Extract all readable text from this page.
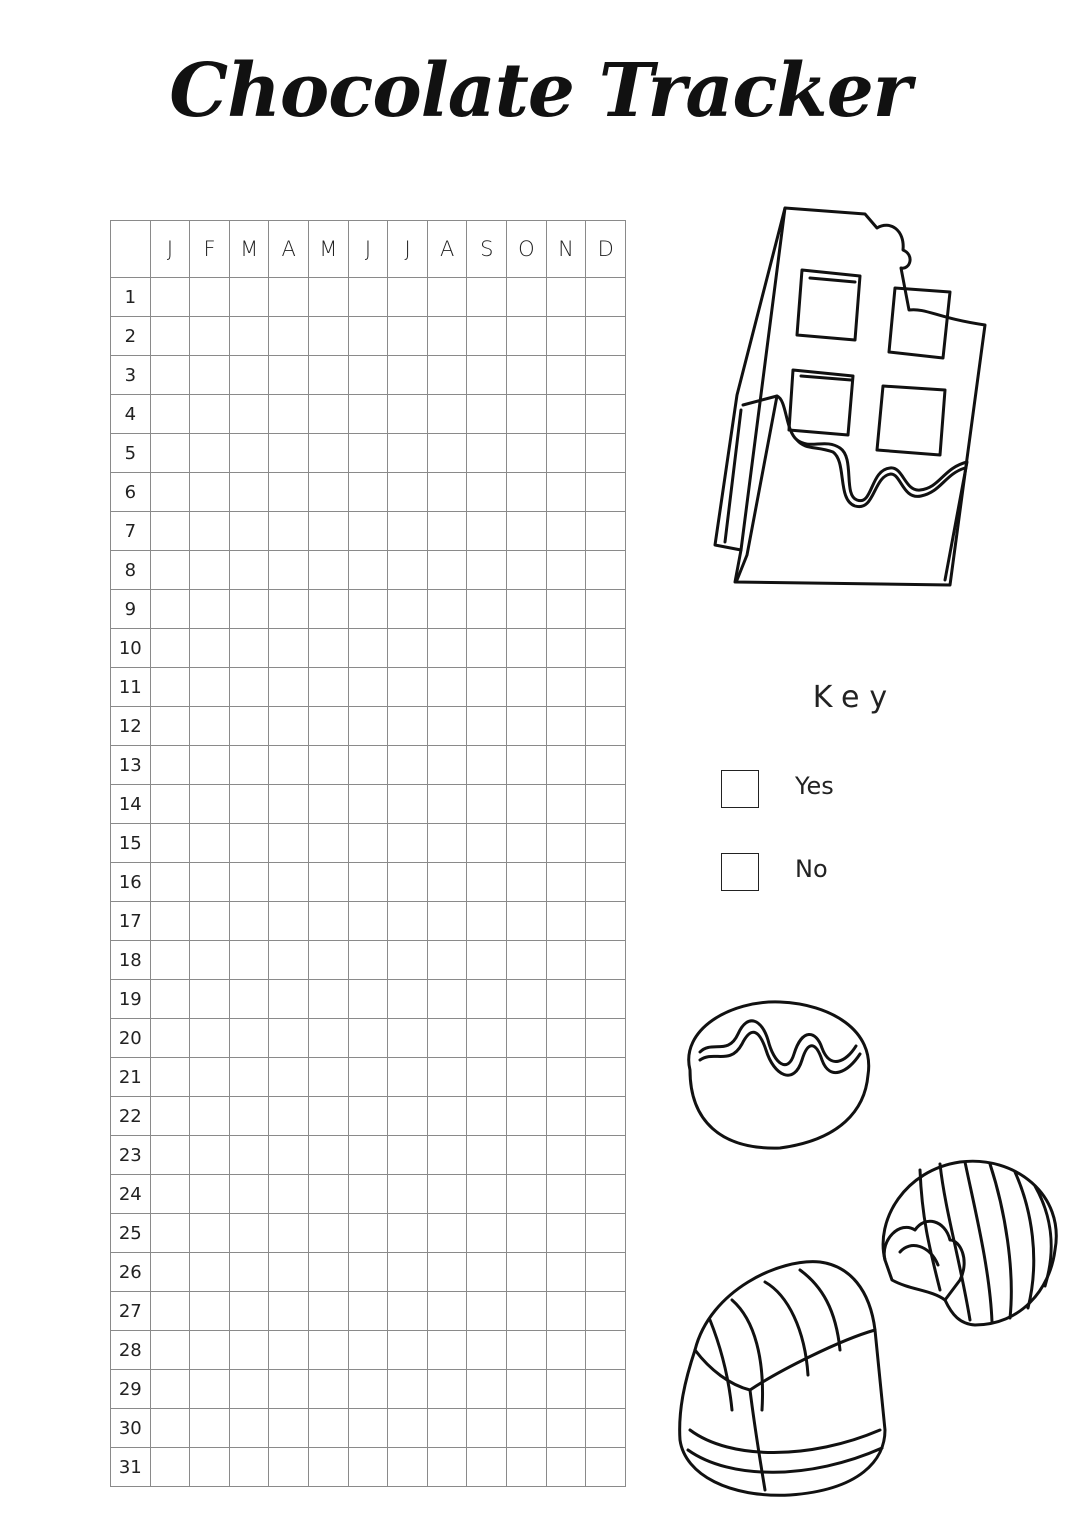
Chocolate Tracker
	J	F	M	A	M	J	J	A	S	O	N	D
1												
2												
3												
4												
5												
6												
7												
8												
9												
10												
11												
12												
13												
14												
15												
16												
17												
18												
19												
20												
21												
22												
23												
24												
25												
26												
27												
28												
29												
30												
31												
Key
Yes
No
